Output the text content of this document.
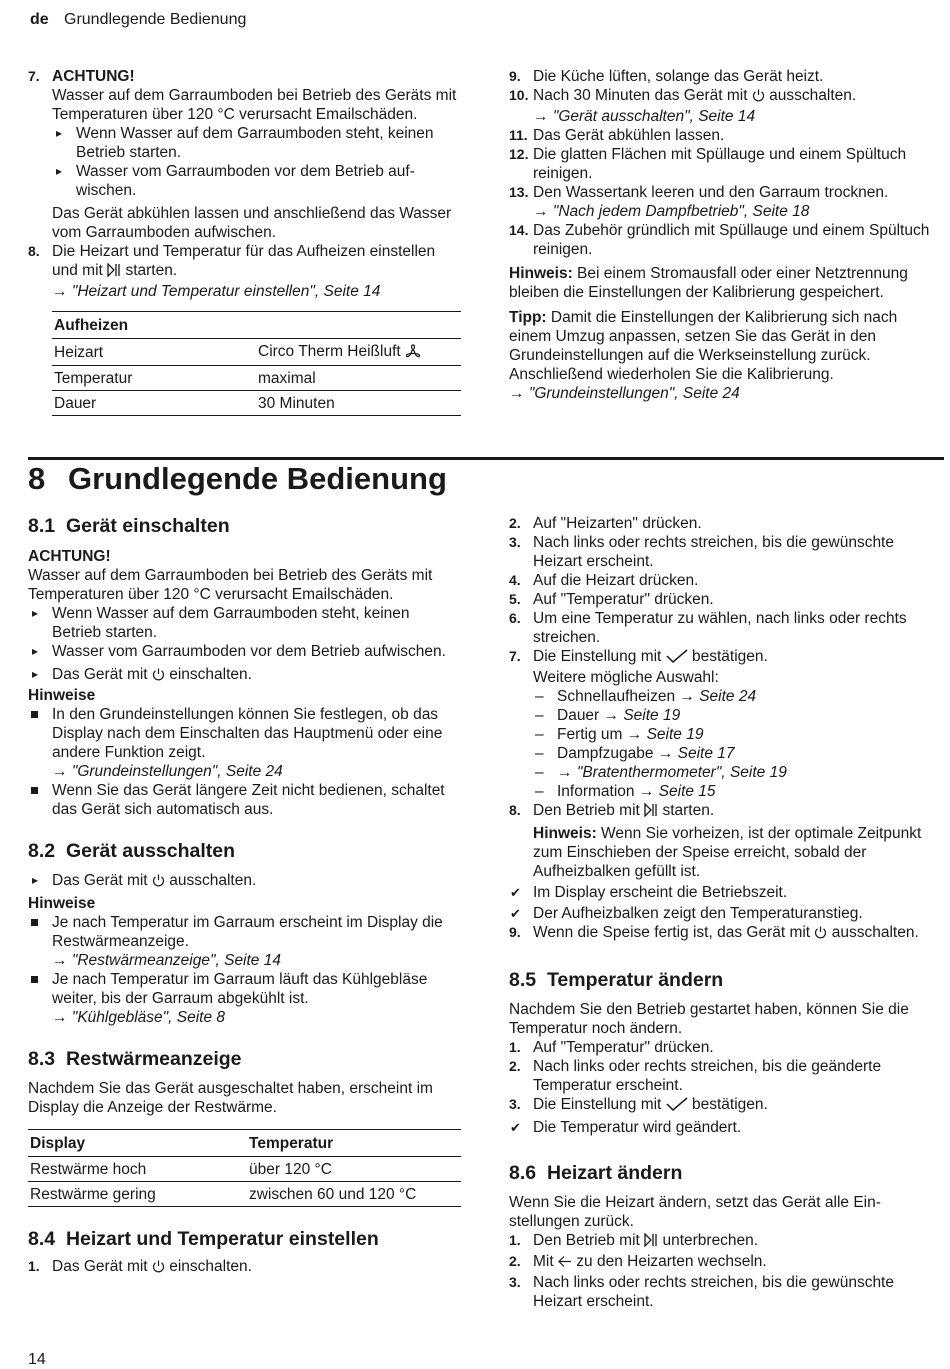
de Grundlegende Bedienung
7. ACHTUNG!
Wasser auf dem Garraumboden bei Betrieb des Geräts mit Temperaturen über 120 °C verursacht Emailschäden.
▸ Wenn Wasser auf dem Garraumboden steht, keinen Betrieb starten.
▸ Wasser vom Garraumboden vor dem Betrieb aufwischen.
Das Gerät abkühlen lassen und anschließend das Wasser vom Garraumboden aufwischen.
8. Die Heizart und Temperatur für das Aufheizen einstellen und mit starten.
→ "Heizart und Temperatur einstellen", Seite 14
Aufheizen	
Heizart	Circo Therm Heißluft
Temperatur	maximal
Dauer	30 Minuten
9. Die Küche lüften, solange das Gerät heizt.
10. Nach 30 Minuten das Gerät mit ausschalten.
→ "Gerät ausschalten", Seite 14
11. Das Gerät abkühlen lassen.
12. Die glatten Flächen mit Spüllauge und einem Spültuch reinigen.
13. Den Wassertank leeren und den Garraum trocknen.
→ "Nach jedem Dampfbetrieb", Seite 18
14. Das Zubehör gründlich mit Spüllauge und einem Spültuch reinigen.
Hinweis: Bei einem Stromausfall oder einer Netztrennung bleiben die Einstellungen der Kalibrierung gespeichert.
Tipp: Damit die Einstellungen der Kalibrierung sich nach einem Umzug anpassen, setzen Sie das Gerät in den Grundeinstellungen auf die Werkseinstellung zurück. Anschließend wiederholen Sie die Kalibrierung.
→ "Grundeinstellungen", Seite 24
8 Grundlegende Bedienung
8.1 Gerät einschalten
ACHTUNG!
Wasser auf dem Garraumboden bei Betrieb des Geräts mit Temperaturen über 120 °C verursacht Emailschäden.
▸ Wenn Wasser auf dem Garraumboden steht, keinen Betrieb starten.
▸ Wasser vom Garraumboden vor dem Betrieb aufwischen.
▸ Das Gerät mit einschalten.
Hinweise
In den Grundeinstellungen können Sie festlegen, ob das Display nach dem Einschalten das Hauptmenü oder eine andere Funktion zeigt.
→ "Grundeinstellungen", Seite 24
Wenn Sie das Gerät längere Zeit nicht bedienen, schaltet das Gerät sich automatisch aus.
8.2 Gerät ausschalten
▸ Das Gerät mit ausschalten.
Hinweise
Je nach Temperatur im Garraum erscheint im Display die Restwärmeanzeige.
→ "Restwärmeanzeige", Seite 14
Je nach Temperatur im Garraum läuft das Kühlgebläse weiter, bis der Garraum abgekühlt ist.
→ "Kühlgebläse", Seite 8
8.3 Restwärmeanzeige
Nachdem Sie das Gerät ausgeschaltet haben, erscheint im Display die Anzeige der Restwärme.
Display	Temperatur
Restwärme hoch	über 120 °C
Restwärme gering	zwischen 60 und 120 °C
8.4 Heizart und Temperatur einstellen
1. Das Gerät mit einschalten.
2. Auf "Heizarten" drücken.
3. Nach links oder rechts streichen, bis die gewünschte Heizart erscheint.
4. Auf die Heizart drücken.
5. Auf "Temperatur" drücken.
6. Um eine Temperatur zu wählen, nach links oder rechts streichen.
7. Die Einstellung mit bestätigen.
Weitere mögliche Auswahl:
– Schnellaufheizen → Seite 24
– Dauer → Seite 19
– Fertig um → Seite 19
– Dampfzugabe → Seite 17
– → "Bratenthermometer", Seite 19
– Information → Seite 15
8. Den Betrieb mit starten.
Hinweis: Wenn Sie vorheizen, ist der optimale Zeitpunkt zum Einschieben der Speise erreicht, sobald der Aufheizbalken gefüllt ist.
✔ Im Display erscheint die Betriebszeit.
✔ Der Aufheizbalken zeigt den Temperaturanstieg.
9. Wenn die Speise fertig ist, das Gerät mit ausschalten.
8.5 Temperatur ändern
Nachdem Sie den Betrieb gestartet haben, können Sie die Temperatur noch ändern.
1. Auf "Temperatur" drücken.
2. Nach links oder rechts streichen, bis die geänderte Temperatur erscheint.
3. Die Einstellung mit bestätigen.
✔ Die Temperatur wird geändert.
8.6 Heizart ändern
Wenn Sie die Heizart ändern, setzt das Gerät alle Einstellungen zurück.
1. Den Betrieb mit unterbrechen.
2. Mit zu den Heizarten wechseln.
3. Nach links oder rechts streichen, bis die gewünschte Heizart erscheint.
14
